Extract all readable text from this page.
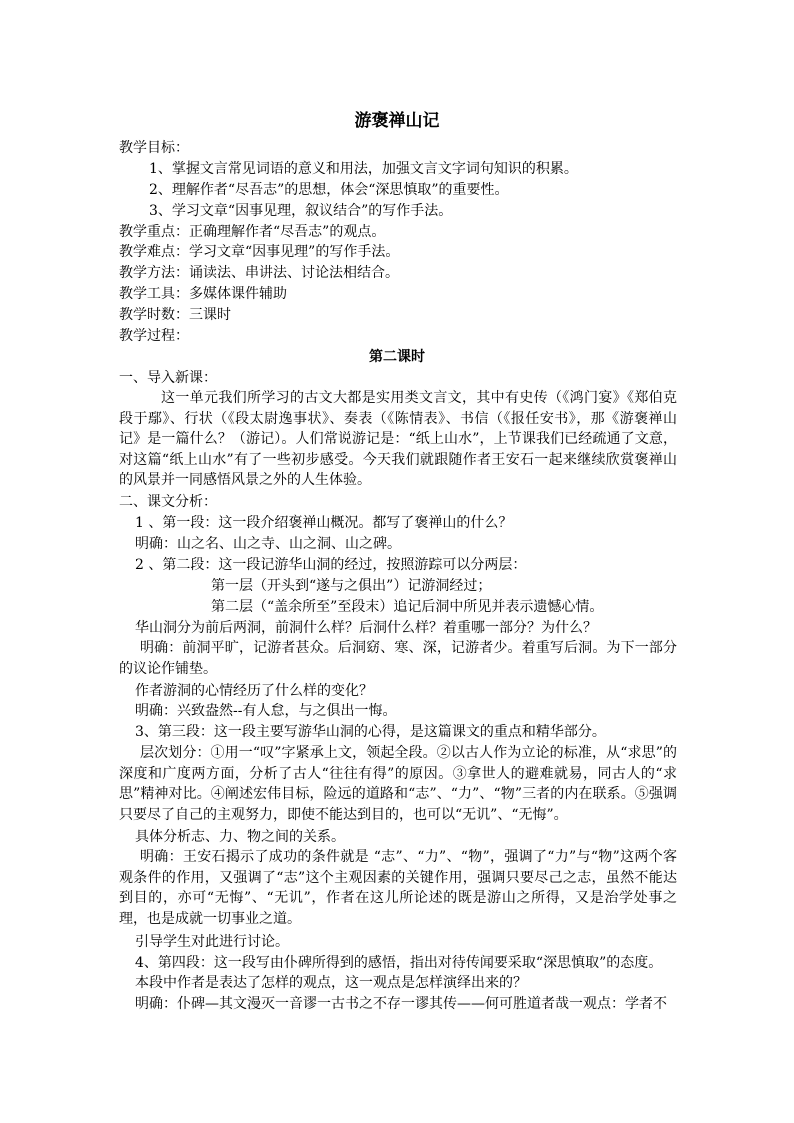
游褒禅山记
教学目标：
1、掌握文言常见词语的意义和用法，加强文言文字词句知识的积累。
2、理解作者“尽吾志”的思想，体会“深思慎取”的重要性。
3、学习文章“因事见理，叙议结合”的写作手法。
教学重点：正确理解作者“尽吾志”的观点。
教学难点：学习文章“因事见理”的写作手法。
教学方法：诵读法、串讲法、讨论法相结合。
教学工具：多媒体课件辅助
教学时数：三课时
教学过程：
第二课时
一、导入新课：
这一单元我们所学习的古文大都是实用类文言文，其中有史传（《鸿门宴》《郑伯克段于鄢》、行状（《段太尉逸事状》、奏表（《陈情表》、书信（《报任安书》，那《游褒禅山记》是一篇什么？（游记）。人们常说游记是：“纸上山水”，上节课我们已经疏通了文意，对这篇“纸上山水”有了一些初步感受。今天我们就跟随作者王安石一起来继续欣赏褒禅山的风景并一同感悟风景之外的人生体验。
二、课文分析：
1 、第一段：这一段介绍褒禅山概况。都写了褒禅山的什么？
明确：山之名、山之寺、山之洞、山之碑。
2 、第二段：这一段记游华山洞的经过，按照游踪可以分两层：
第一层（开头到“遂与之俱出”）记游洞经过；
第二层（“盖余所至”至段末）追记后洞中所见并表示遗憾心情。
华山洞分为前后两洞，前洞什么样？后洞什么样？着重哪一部分？为什么？
明确：前洞平旷，记游者甚众。后洞窈、寒、深，记游者少。着重写后洞。为下一部分的议论作铺垫。
作者游洞的心情经历了什么样的变化？
明确：兴致盎然--有人怠，与之俱出一悔。
3、第三段：这一段主要写游华山洞的心得，是这篇课文的重点和精华部分。
层次划分：①用一“叹”字紧承上文，领起全段。②以古人作为立论的标准，从“求思”的深度和广度两方面，分析了古人“往往有得”的原因。③拿世人的避难就易，同古人的“求思”精神对比。④阐述宏伟目标，险远的道路和“志”、“力”、“物”三者的内在联系。⑤强调只要尽了自己的主观努力，即使不能达到目的，也可以“无讥”、“无悔”。
具体分析志、力、物之间的关系。
明确：王安石揭示了成功的条件就是 “志”、“力”、“物”，强调了“力”与“物”这两个客观条件的作用，又强调了“志”这个主观因素的关键作用，强调只要尽己之志，虽然不能达到目的，亦可“无悔”、“无讥”，作者在这儿所论述的既是游山之所得，又是治学处事之理，也是成就一切事业之道。
引导学生对此进行讨论。
4、第四段：这一段写由仆碑所得到的感悟，指出对待传闻要采取“深思慎取”的态度。
本段中作者是表达了怎样的观点，这一观点是怎样演绎出来的？
明确：仆碑—其文漫灭一音谬一古书之不存一谬其传——何可胜道者哉一观点：学者不
